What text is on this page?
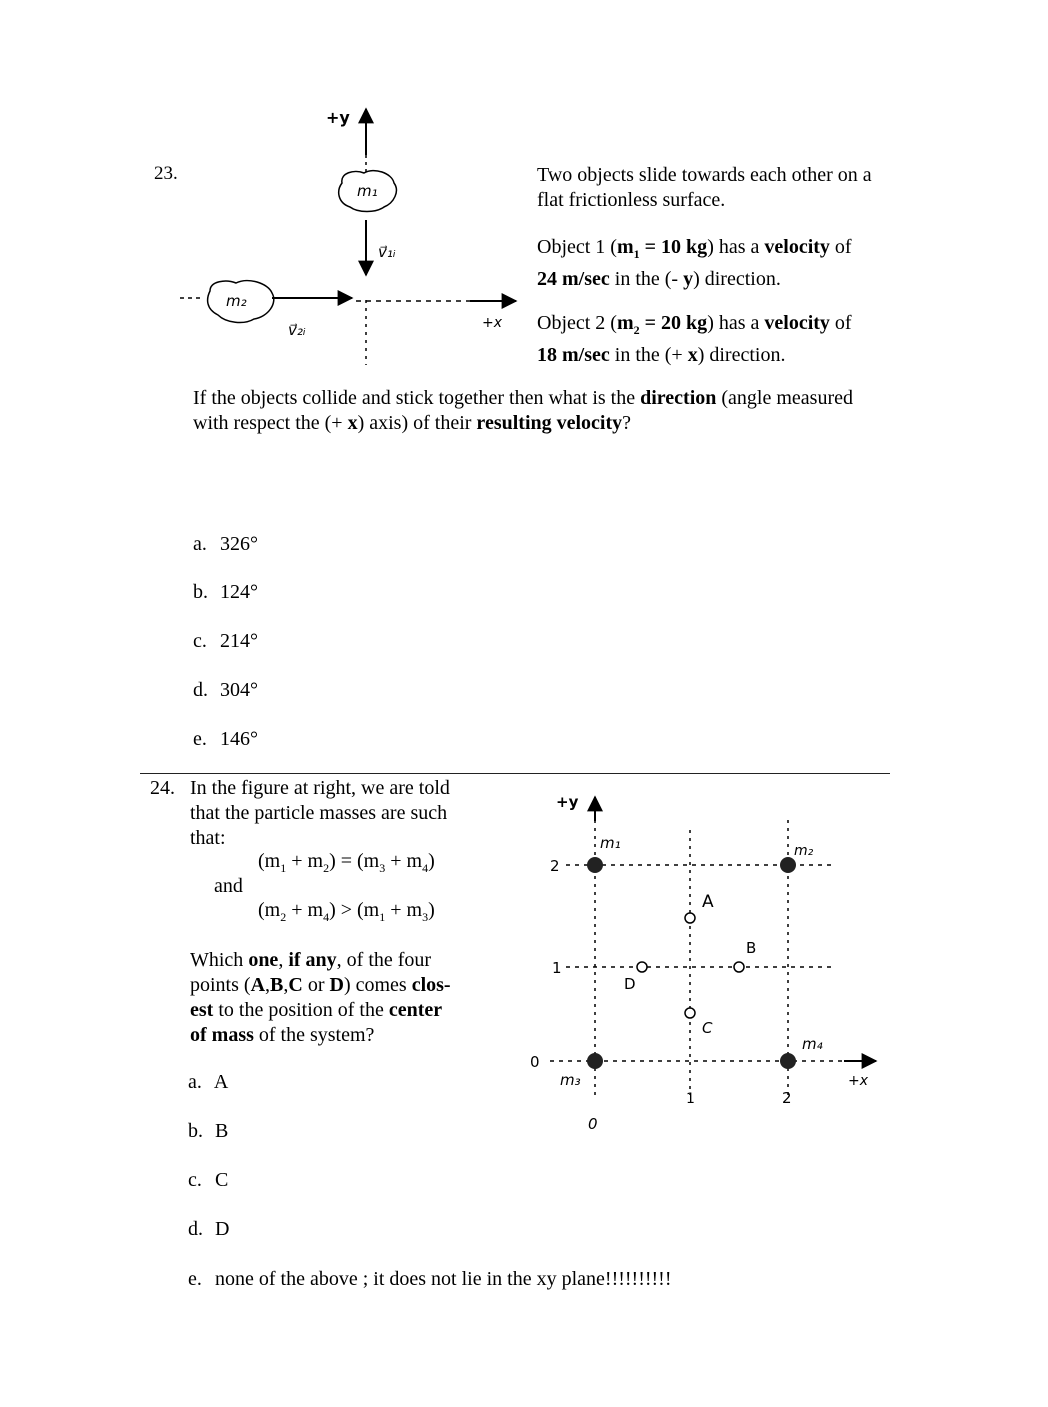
23.
m₁
v⃗₁ᵢ
m₂
v⃗₂ᵢ
+y
+x
Two objects slide towards each other on a
flat frictionless surface.
Object 1 ($m_1 = 10$ kg) has a velocity of
24 m/sec in the (- y) direction.
Object 2 ($m_2 = 20$ kg) has a velocity of
18 m/sec in the (+ x) direction.
If the objects collide and stick together then what is the direction (angle measured
with respect the (+ x) axis) of their resulting velocity?
a. 326°
b. 124°
c. 214°
d. 304°
e. 146°
24. In the figure at right, we are told
that the particle masses are such
that:
$(m_1 + m_2) = (m_3 + m_4)$
and
$(m_2 + m_4) > (m_1 + m_3)$
Which one, if any, of the four
points (A,B,C or D) comes clos-
est to the position of the center
of mass of the system?
+y
+x
m₁	m₂
m₃
m₄
A
B
C
D
2
1
0
0
1	2
a. A
b. B
c. C
d. D
e. none of the above ; it does not lie in the xy plane!!!!!!!!!!
